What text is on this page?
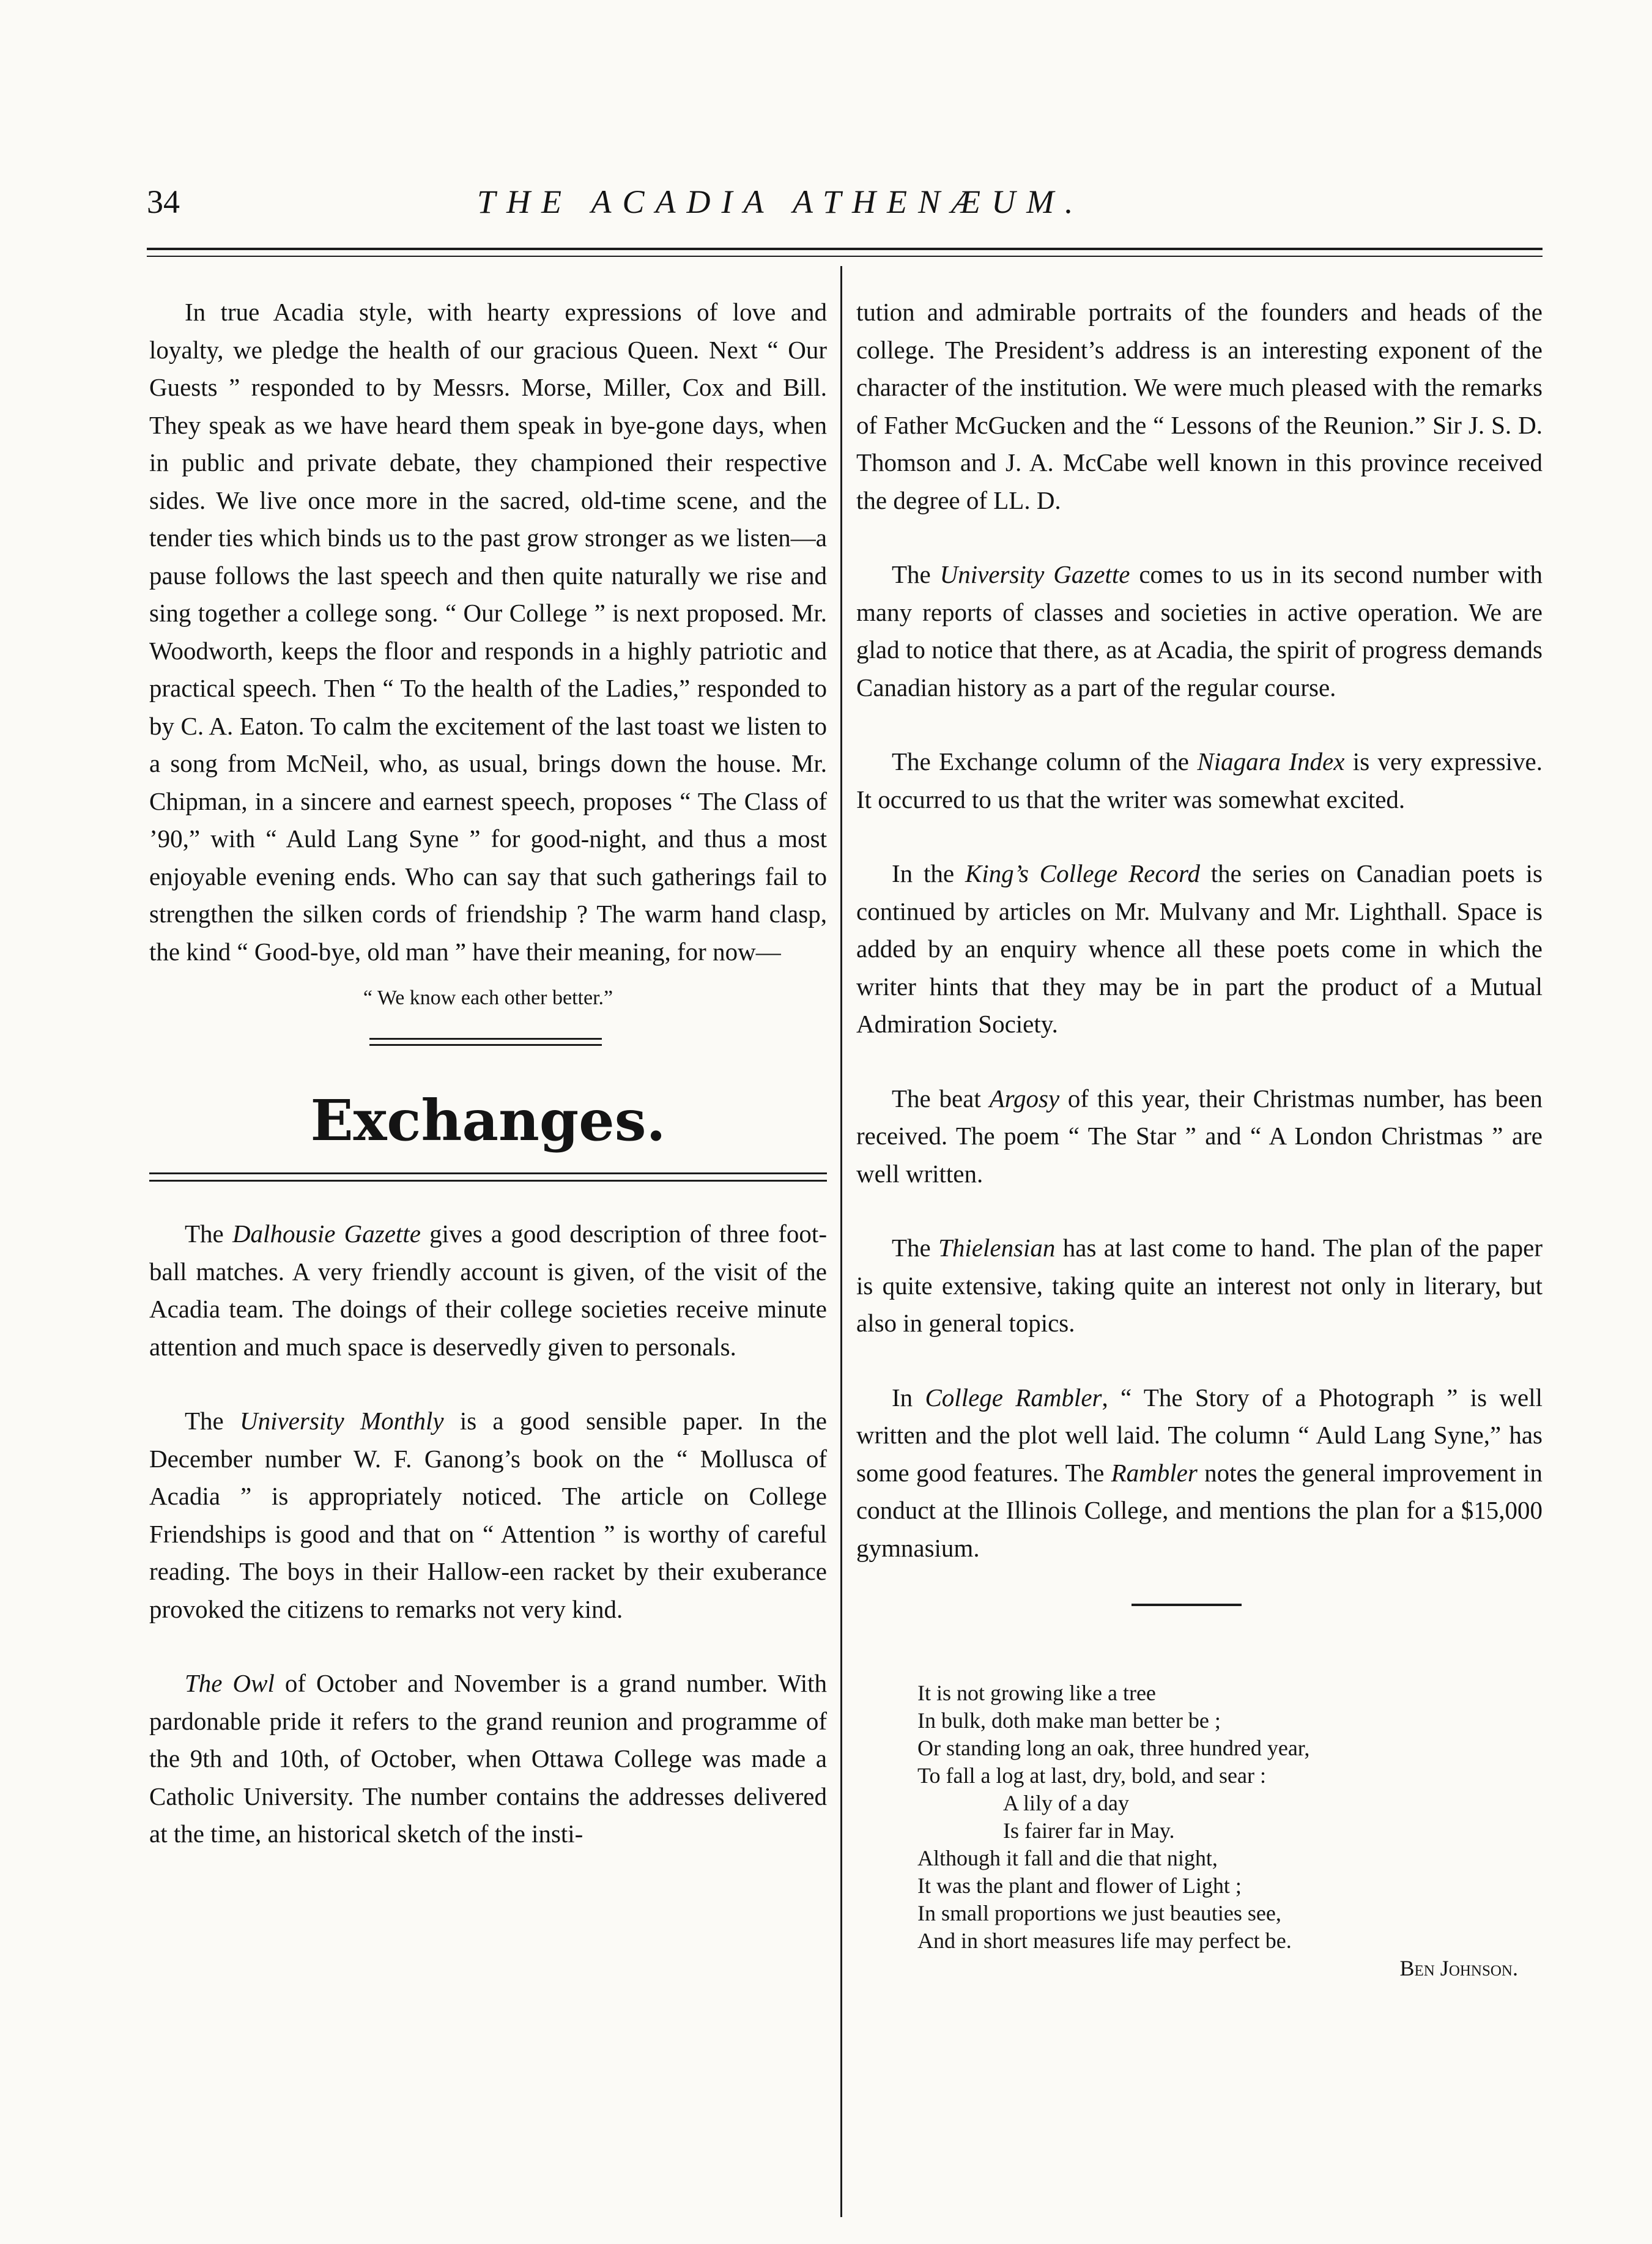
34	THE ACADIA ATHENÆUM.

In true Acadia style, with hearty expressions of love and loyalty, we pledge the health of our gracious Queen. Next “ Our Guests ” responded to by Messrs. Morse, Miller, Cox and Bill. They speak as we have heard them speak in bye-gone days, when in public and private debate, they championed their respective sides. We live once more in the sacred, old-time scene, and the tender ties which binds us to the past grow stronger as we listen—a pause follows the last speech and then quite naturally we rise and sing together a college song. “ Our College ” is next proposed. Mr. Woodworth, keeps the floor and responds in a highly patriotic and practical speech. Then “ To the health of the Ladies,” responded to by C. A. Eaton. To calm the excitement of the last toast we listen to a song from McNeil, who, as usual, brings down the house. Mr. Chipman, in a sincere and earnest speech, proposes “ The Class of ’90,” with “ Auld Lang Syne ” for good-night, and thus a most enjoyable evening ends. Who can say that such gatherings fail to strengthen the silken cords of friendship ? The warm hand clasp, the kind “ Good-bye, old man ” have their meaning, for now—

“ We know each other better.”

Exchanges.

The Dalhousie Gazette gives a good description of three foot-ball matches. A very friendly account is given, of the visit of the Acadia team. The doings of their college societies receive minute attention and much space is deservedly given to personals.

The University Monthly is a good sensible paper. In the December number W. F. Ganong’s book on the “ Mollusca of Acadia ” is appropriately noticed. The article on College Friendships is good and that on “ Attention ” is worthy of careful reading. The boys in their Hallow-een racket by their exuberance provoked the citizens to remarks not very kind.

The Owl of October and November is a grand number. With pardonable pride it refers to the grand reunion and programme of the 9th and 10th, of October, when Ottawa College was made a Catholic University. The number contains the addresses delivered at the time, an historical sketch of the insti-

tution and admirable portraits of the founders and heads of the college. The President’s address is an interesting exponent of the character of the institution. We were much pleased with the remarks of Father McGucken and the “ Lessons of the Reunion.” Sir J. S. D. Thomson and J. A. McCabe well known in this province received the degree of LL. D.

The University Gazette comes to us in its second number with many reports of classes and societies in active operation. We are glad to notice that there, as at Acadia, the spirit of progress demands Canadian history as a part of the regular course.

The Exchange column of the Niagara Index is very expressive. It occurred to us that the writer was somewhat excited.

In the King’s College Record the series on Canadian poets is continued by articles on Mr. Mulvany and Mr. Lighthall. Space is added by an enquiry whence all these poets come in which the writer hints that they may be in part the product of a Mutual Admiration Society.

The beat Argosy of this year, their Christmas number, has been received. The poem “ The Star ” and “ A London Christmas ” are well written.

The Thielensian has at last come to hand. The plan of the paper is quite extensive, taking quite an interest not only in literary, but also in general topics.

In College Rambler, “ The Story of a Photograph ” is well written and the plot well laid. The column “ Auld Lang Syne,” has some good features. The Rambler notes the general improvement in conduct at the Illinois College, and mentions the plan for a $15,000 gymnasium.

It is not growing like a tree
In bulk, doth make man better be ;
Or standing long an oak, three hundred year,
To fall a log at last, dry, bold, and sear :
A lily of a day
Is fairer far in May.
Although it fall and die that night,
It was the plant and flower of Light ;
In small proportions we just beauties see,
And in short measures life may perfect be.
Ben Johnson.
